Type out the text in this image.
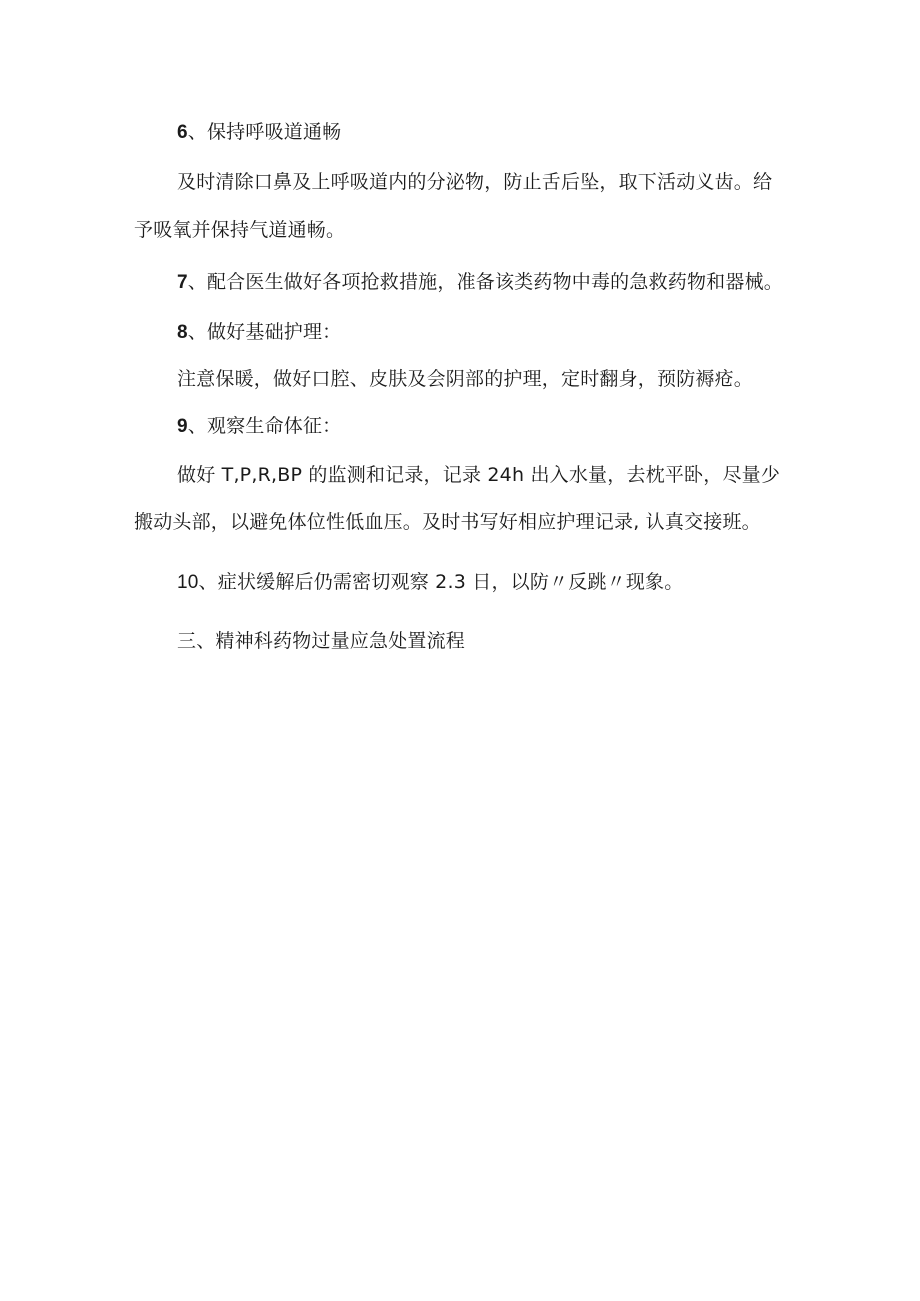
6、保持呼吸道通畅
及时清除口鼻及上呼吸道内的分泌物，防止舌后坠，取下活动义齿。给
予吸氧并保持气道通畅。
7、配合医生做好各项抢救措施，准备该类药物中毒的急救药物和器械。
8、做好基础护理：
注意保暖，做好口腔、皮肤及会阴部的护理，定时翻身，预防褥疮。
9、观察生命体征：
做好 T,P,R,BP 的监测和记录，记录 24h 出入水量，去枕平卧，尽量少
搬动头部，以避免体位性低血压。及时书写好相应护理记录, 认真交接班。
10、症状缓解后仍需密切观察 2.3 日，以防〃反跳〃现象。
三、精神科药物过量应急处置流程
